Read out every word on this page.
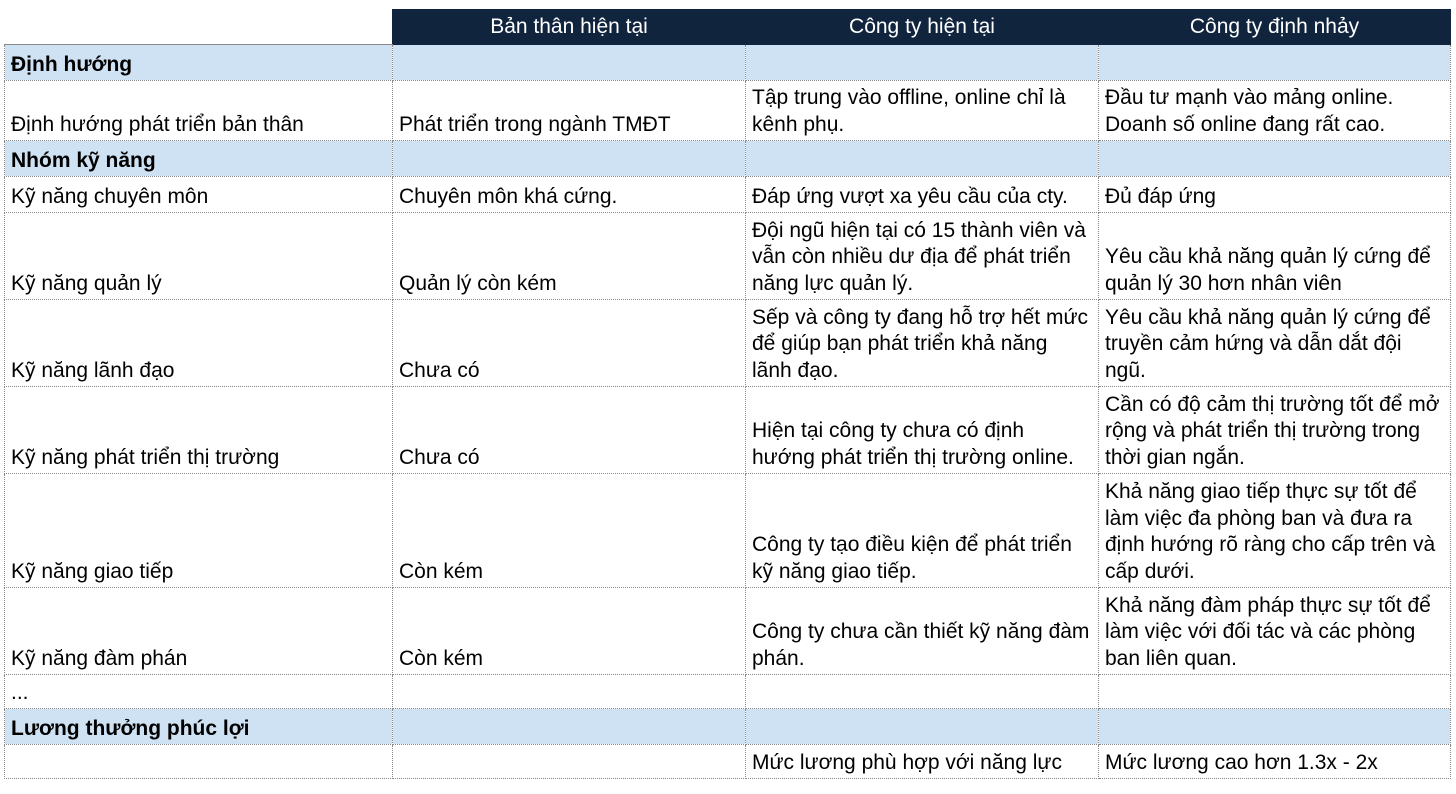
	Bản thân hiện tại	Công ty hiện tại	Công ty định nhảy
Định hướng			
Định hướng phát triển bản thân	Phát triển trong ngành TMĐT	Tập trung vào offline, online chỉ là kênh phụ.	Đầu tư mạnh vào mảng online. Doanh số online đang rất cao.
Nhóm kỹ năng			
Kỹ năng chuyên môn	Chuyên môn khá cứng.	Đáp ứng vượt xa yêu cầu của cty.	Đủ đáp ứng
Kỹ năng quản lý	Quản lý còn kém	Đội ngũ hiện tại có 15 thành viên và vẫn còn nhiều dư địa để phát triển năng lực quản lý.	Yêu cầu khả năng quản lý cứng để quản lý 30 hơn nhân viên
Kỹ năng lãnh đạo	Chưa có	Sếp và công ty đang hỗ trợ hết mức để giúp bạn phát triển khả năng lãnh đạo.	Yêu cầu khả năng quản lý cứng để truyền cảm hứng và dẫn dắt đội ngũ.
Kỹ năng phát triển thị trường	Chưa có	Hiện tại công ty chưa có định hướng phát triển thị trường online.	Cần có độ cảm thị trường tốt để mở rộng và phát triển thị trường trong thời gian ngắn.
Kỹ năng giao tiếp	Còn kém	Công ty tạo điều kiện để phát triển kỹ năng giao tiếp.	Khả năng giao tiếp thực sự tốt để làm việc đa phòng ban và đưa ra định hướng rõ ràng cho cấp trên và cấp dưới.
Kỹ năng đàm phán	Còn kém	Công ty chưa cần thiết kỹ năng đàm phán.	Khả năng đàm pháp thực sự tốt để làm việc với đối tác và các phòng ban liên quan.
...			
Lương thưởng phúc lợi			
		Mức lương phù hợp với năng lực	Mức lương cao hơn 1.3x - 2x
